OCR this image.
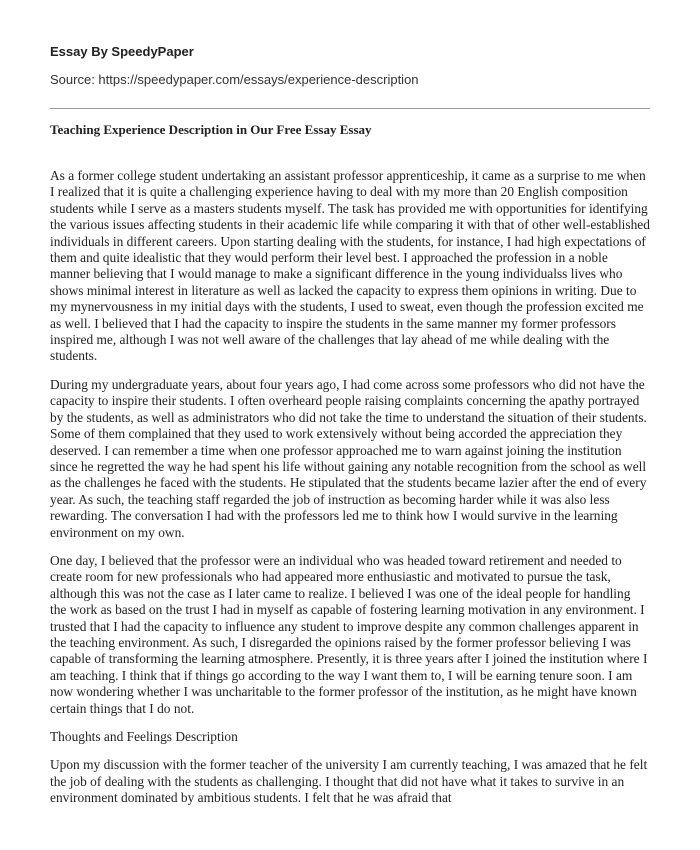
Essay By SpeedyPaper
Source: https://speedypaper.com/essays/experience-description
Teaching Experience Description in Our Free Essay Essay

As a former college student undertaking an assistant professor apprenticeship, it came as a surprise to me when I realized that it is quite a challenging experience having to deal with my more than 20 English composition students while I serve as a masters students myself. The task has provided me with opportunities for identifying the various issues affecting students in their academic life while comparing it with that of other well-established individuals in different careers. Upon starting dealing with the students, for instance, I had high expectations of them and quite idealistic that they would perform their level best. I approached the profession in a noble manner believing that I would manage to make a significant difference in the young individualss lives who shows minimal interest in literature as well as lacked the capacity to express them opinions in writing. Due to my mynervousness in my initial days with the students, I used to sweat, even though the profession excited me as well. I believed that I had the capacity to inspire the students in the same manner my former professors inspired me, although I was not well aware of the challenges that lay ahead of me while dealing with the students.

During my undergraduate years, about four years ago, I had come across some professors who did not have the capacity to inspire their students. I often overheard people raising complaints concerning the apathy portrayed by the students, as well as administrators who did not take the time to understand the situation of their students. Some of them complained that they used to work extensively without being accorded the appreciation they deserved. I can remember a time when one professor approached me to warn against joining the institution since he regretted the way he had spent his life without gaining any notable recognition from the school as well as the challenges he faced with the students. He stipulated that the students became lazier after the end of every year. As such, the teaching staff regarded the job of instruction as becoming harder while it was also less rewarding. The conversation I had with the professors led me to think how I would survive in the learning environment on my own.

One day, I believed that the professor were an individual who was headed toward retirement and needed to create room for new professionals who had appeared more enthusiastic and motivated to pursue the task, although this was not the case as I later came to realize. I believed I was one of the ideal people for handling the work as based on the trust I had in myself as capable of fostering learning motivation in any environment. I trusted that I had the capacity to influence any student to improve despite any common challenges apparent in the teaching environment. As such, I disregarded the opinions raised by the former professor believing I was capable of transforming the learning atmosphere. Presently, it is three years after I joined the institution where I am teaching. I think that if things go according to the way I want them to, I will be earning tenure soon. I am now wondering whether I was uncharitable to the former professor of the institution, as he might have known certain things that I do not.

Thoughts and Feelings Description

Upon my discussion with the former teacher of the university I am currently teaching, I was amazed that he felt the job of dealing with the students as challenging. I thought that did not have what it takes to survive in an environment dominated by ambitious students. I felt that he was afraid that
